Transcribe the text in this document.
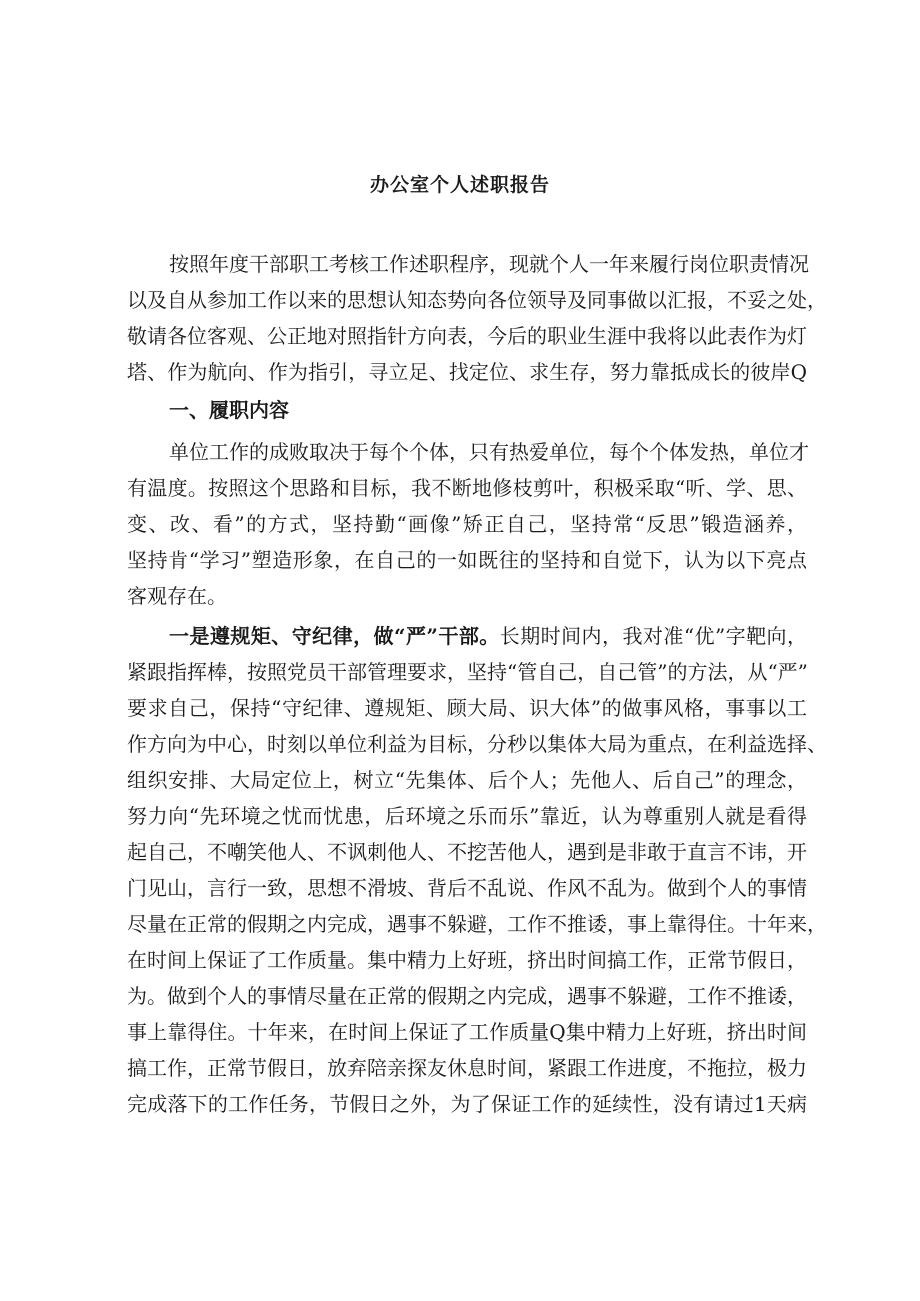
办公室个人述职报告
按照年度干部职工考核工作述职程序，现就个人一年来履行岗位职责情况
以及自从参加工作以来的思想认知态势向各位领导及同事做以汇报，不妥之处，
敬请各位客观、公正地对照指针方向表，今后的职业生涯中我将以此表作为灯
塔、作为航向、作为指引，寻立足、找定位、求生存，努力靠抵成长的彼岸Q
一、履职内容
单位工作的成败取决于每个个体，只有热爱单位，每个个体发热，单位才
有温度。按照这个思路和目标，我不断地修枝剪叶，积极采取“听、学、思、
变、改、看”的方式，坚持勤“画像”矫正自己，坚持常“反思”锻造涵养，
坚持肯“学习”塑造形象，在自己的一如既往的坚持和自觉下，认为以下亮点
客观存在。
一是遵规矩、守纪律，做“严”干部。长期时间内，我对准“优”字靶向，
紧跟指挥棒，按照党员干部管理要求，坚持“管自己，自己管”的方法，从“严”
要求自己，保持“守纪律、遵规矩、顾大局、识大体”的做事风格，事事以工
作方向为中心，时刻以单位利益为目标，分秒以集体大局为重点，在利益选择、
组织安排、大局定位上，树立“先集体、后个人；先他人、后自己”的理念，
努力向“先环境之忧而忧患，后环境之乐而乐”靠近，认为尊重别人就是看得
起自己，不嘲笑他人、不讽刺他人、不挖苦他人，遇到是非敢于直言不讳，开
门见山，言行一致，思想不滑坡、背后不乱说、作风不乱为。做到个人的事情
尽量在正常的假期之内完成，遇事不躲避，工作不推诿，事上靠得住。十年来，
在时间上保证了工作质量。集中精力上好班，挤出时间搞工作，正常节假日，
为。做到个人的事情尽量在正常的假期之内完成，遇事不躲避，工作不推诿，
事上靠得住。十年来，在时间上保证了工作质量Q集中精力上好班，挤出时间
搞工作，正常节假日，放弃陪亲探友休息时间，紧跟工作进度，不拖拉，极力
完成落下的工作任务，节假日之外，为了保证工作的延续性，没有请过1天病
